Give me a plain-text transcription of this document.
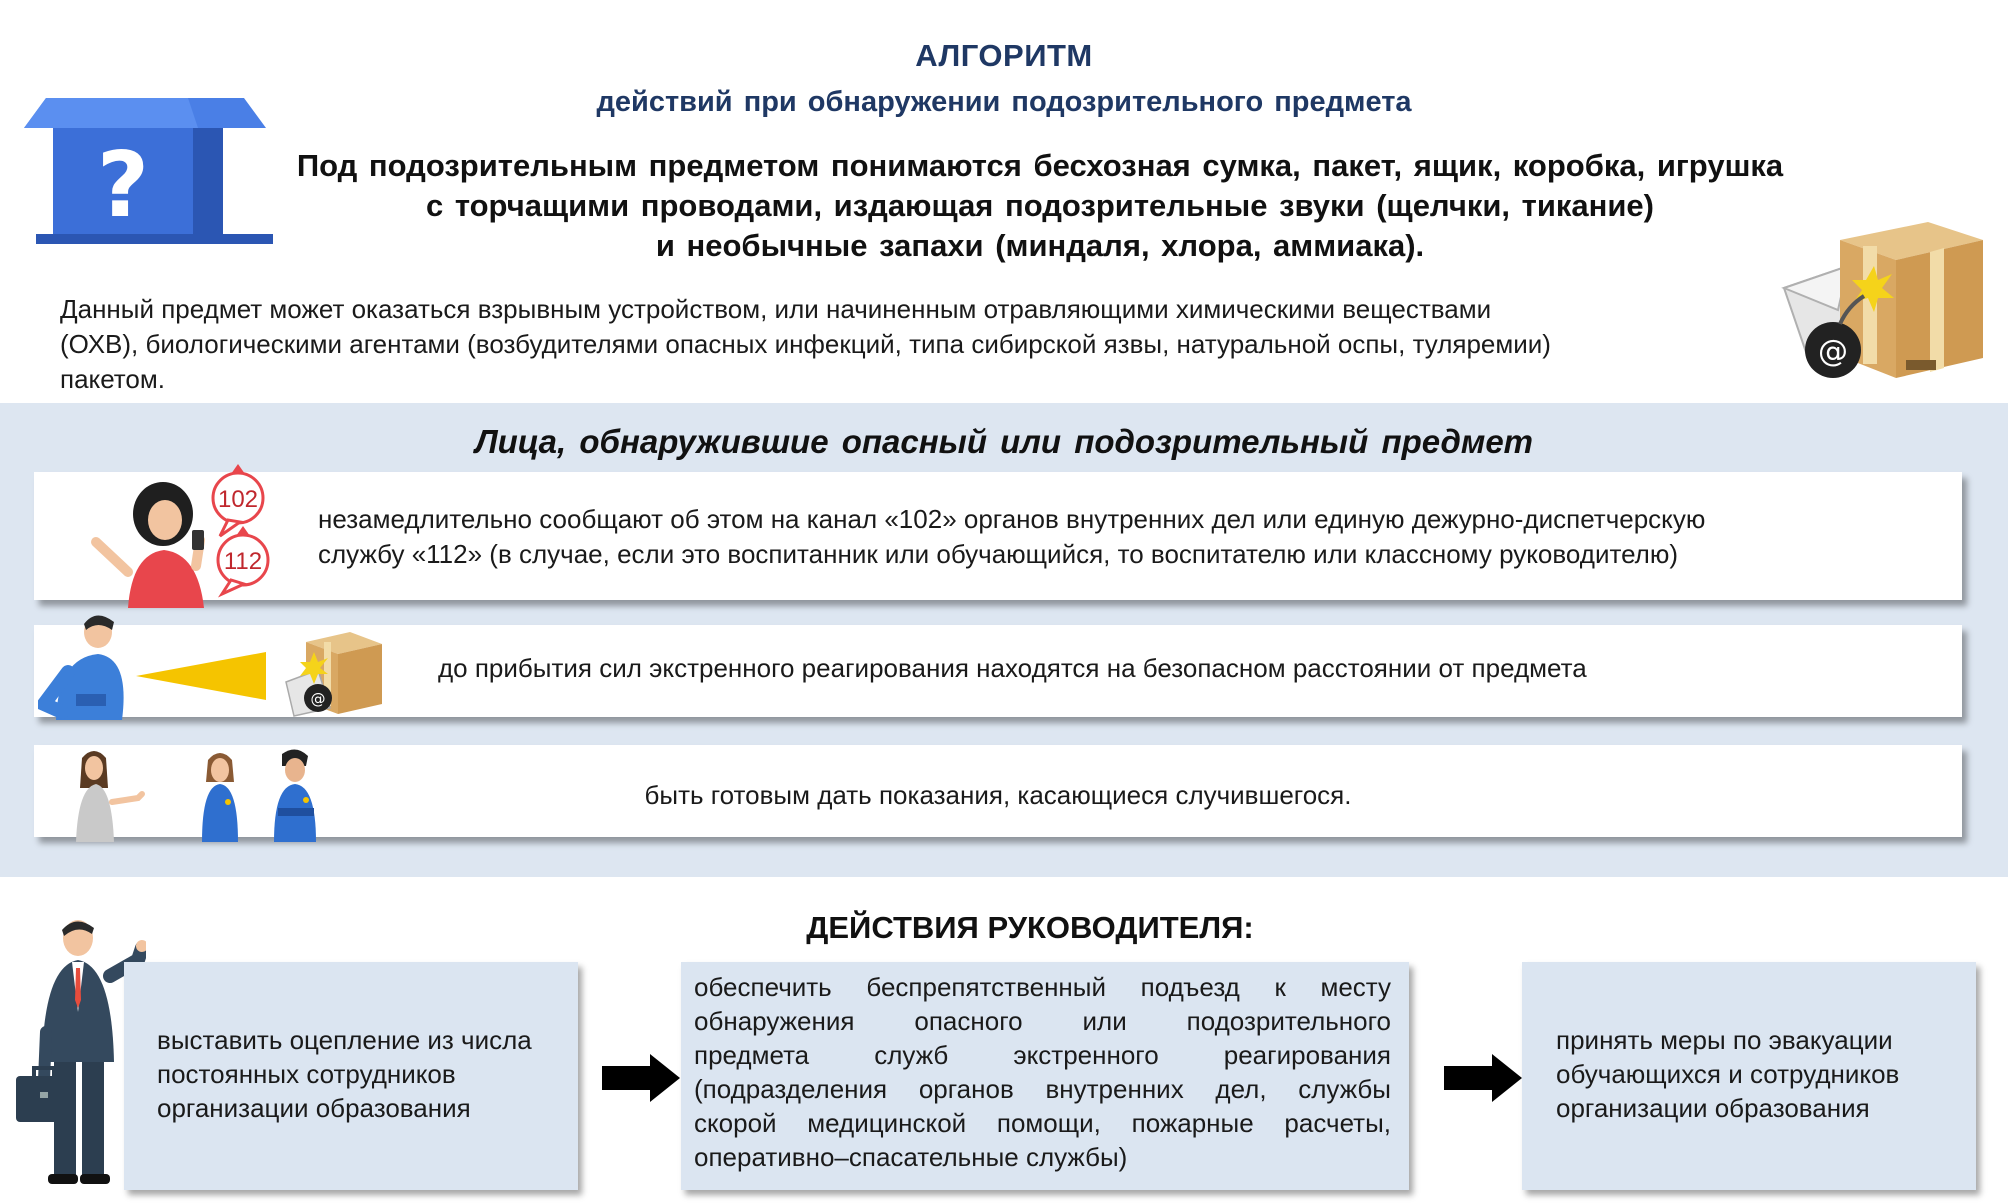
АЛГОРИТМ
действий при обнаружении подозрительного предмета
?	Под подозрительным предметом понимаются бесхозная сумка, пакет, ящик, коробка, игрушка
с торчащими проводами, издающая подозрительные звуки (щелчки, тикание)
и необычные запахи (миндаля, хлора, аммиака).
@
Данный предмет может оказаться взрывным устройством, или начиненным отравляющими химическими веществами
(ОХВ), биологическими агентами (возбудителями опасных инфекций, типа сибирской язвы, натуральной оспы, туляремии)
пакетом.
Лица, обнаружившие опасный или подозрительный предмет
102
112
незамедлительно сообщают об этом на канал «102» органов внутренних дел или единую дежурно-диспетчерскую
службу «112» (в случае, если это воспитанник или обучающийся, то воспитателю или классному руководителю)
@
до прибытия сил экстренного реагирования находятся на безопасном расстоянии от предмета
быть готовым дать показания, касающиеся случившегося.
ДЕЙСТВИЯ РУКОВОДИТЕЛЯ:
выставить оцепление из числа
постоянных сотрудников
организации образования
обеспечить беспрепятственный подъезд к месту
обнаружения опасного или подозрительного
предмета служб экстренного реагирования
(подразделения органов внутренних дел, службы
скорой медицинской помощи, пожарные расчеты,
оперативно–спасательные службы)
принять меры по эвакуации
обучающихся и сотрудников
организации образования
